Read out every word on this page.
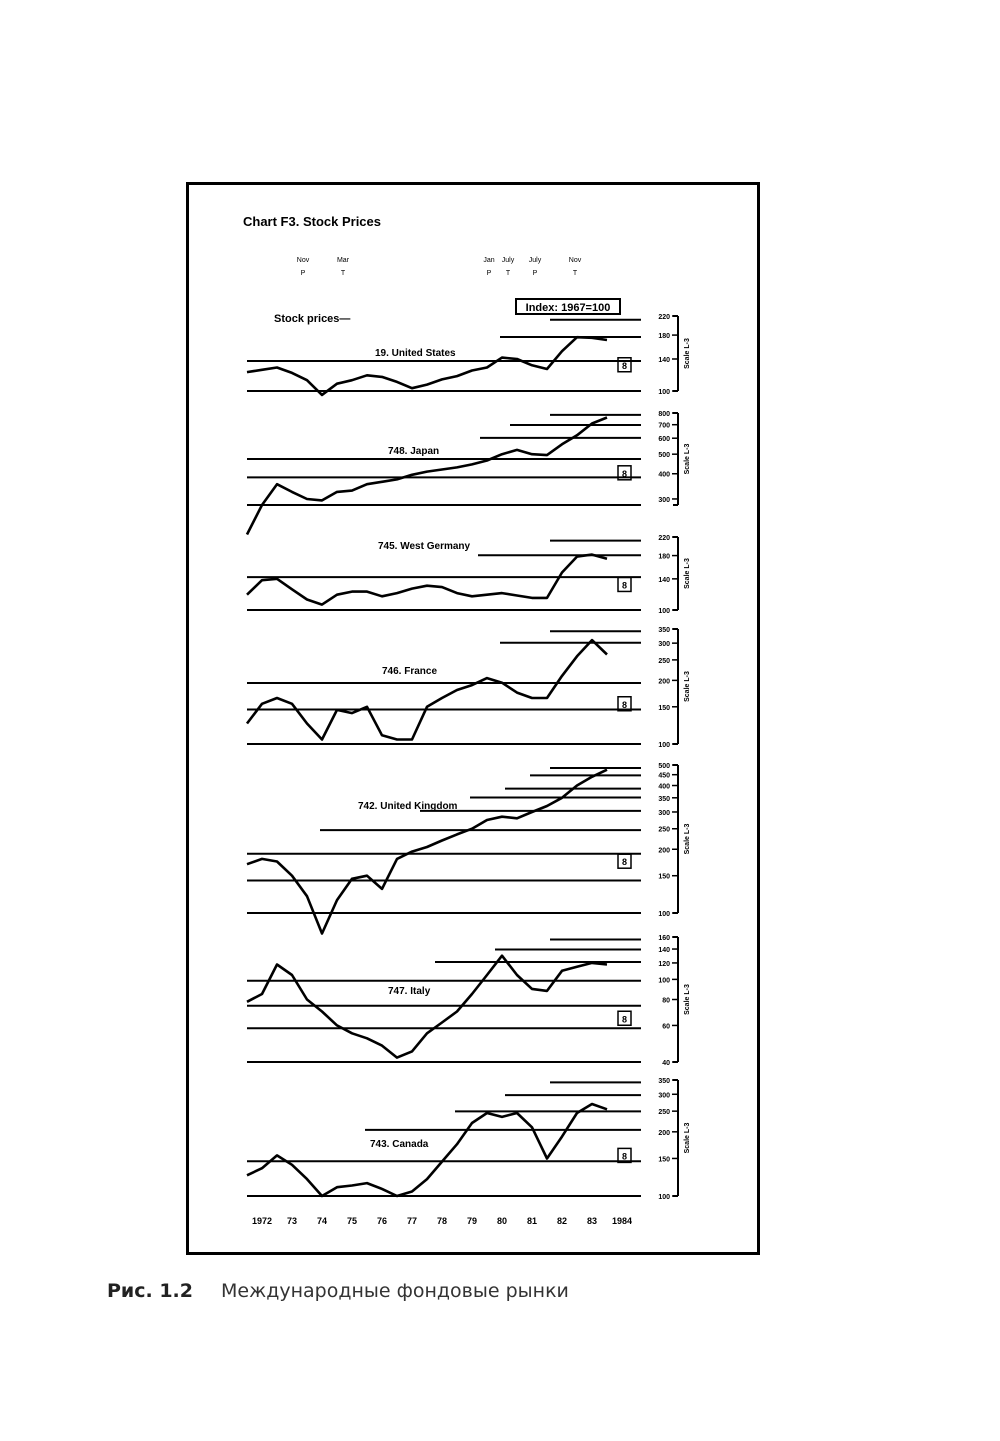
Chart F3. Stock Prices
Nov
P
Mar
T
Jan
P
July
T
July
P
Nov
T
Index: 1967=100
Stock prices—	220
180
140
100
Scale L-3
8
19. United States
800
700
600
500
400
300
Scale L-3
8
748. Japan
220
180
140
100
Scale L-3
8
745. West Germany
350
300
250
200
150
100
Scale L-3
8
746. France
500
450
400
350
300
250
200
150
100
Scale L-3
8
742. United Kingdom
160
140
120
100
80
60
40
Scale L-3
8
747. Italy
350
300
250
200
150
100
Scale L-3
8
743. Canada
1972 73 74 75 76 77 78 79 80 81 82 83 1984
Рис. 1.2 Международные фондовые рынки
